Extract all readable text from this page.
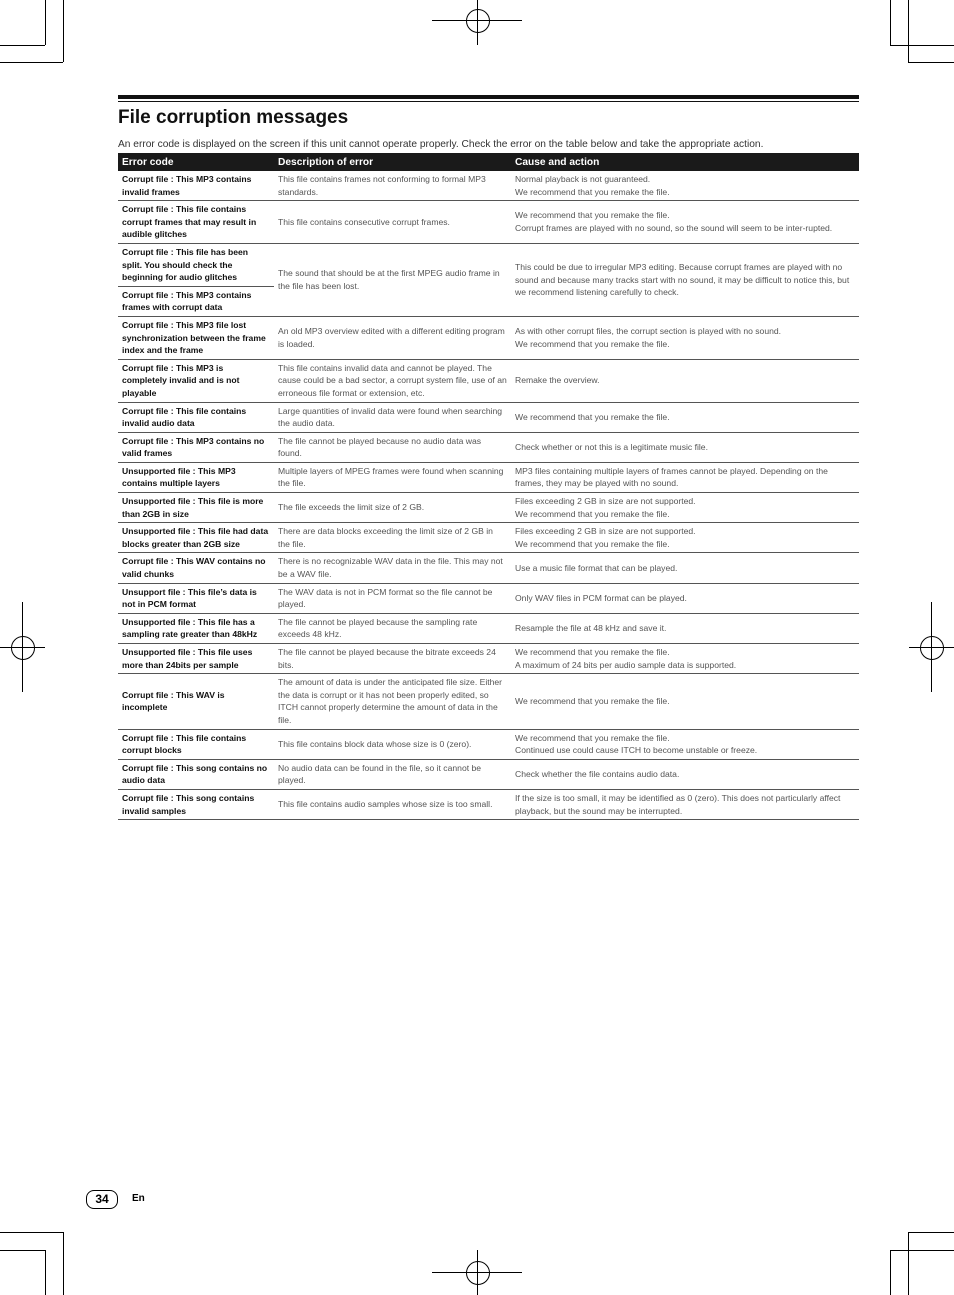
File corruption messages

An error code is displayed on the screen if this unit cannot operate properly. Check the error on the table below and take the appropriate action.

Error code	Description of error	Cause and action
Corrupt file : This MP3 contains invalid frames	This file contains frames not conforming to formal MP3 standards.	Normal playback is not guaranteed.
We recommend that you remake the file.
Corrupt file : This file contains corrupt frames that may result in audible glitches	This file contains consecutive corrupt frames.	We recommend that you remake the file.
Corrupt frames are played with no sound, so the sound will seem to be inter-rupted.
Corrupt file : This file has been split. You should check the beginning for audio glitches	The sound that should be at the first MPEG audio frame in the file has been lost.	This could be due to irregular MP3 editing. Because corrupt frames are played with no sound and because many tracks start with no sound, it may be difficult to notice this, but we recommend listening carefully to check.
Corrupt file : This MP3 contains frames with corrupt data		
Corrupt file : This MP3 file lost synchronization between the frame index and the frame	An old MP3 overview edited with a different editing program is loaded.	As with other corrupt files, the corrupt section is played with no sound.
We recommend that you remake the file.
Corrupt file : This MP3 is completely invalid and is not playable	This file contains invalid data and cannot be played. The cause could be a bad sector, a corrupt system file, use of an erroneous file format or extension, etc.	Remake the overview.
Corrupt file : This file contains invalid audio data	Large quantities of invalid data were found when searching the audio data.	We recommend that you remake the file.
Corrupt file : This MP3 contains no valid frames	The file cannot be played because no audio data was found.	Check whether or not this is a legitimate music file.
Unsupported file : This MP3 contains multiple layers	Multiple layers of MPEG frames were found when scanning the file.	MP3 files containing multiple layers of frames cannot be played. Depending on the frames, they may be played with no sound.
Unsupported file : This file is more than 2GB in size	The file exceeds the limit size of 2 GB.	Files exceeding 2 GB in size are not supported.
We recommend that you remake the file.
Unsupported file : This file had data blocks greater than 2GB size	There are data blocks exceeding the limit size of 2 GB in the file.	Files exceeding 2 GB in size are not supported.
We recommend that you remake the file.
Corrupt file : This WAV contains no valid chunks	There is no recognizable WAV data in the file. This may not be a WAV file.	Use a music file format that can be played.
Unsupport file : This file’s data is not in PCM format	The WAV data is not in PCM format so the file cannot be played.	Only WAV files in PCM format can be played.
Unsupported file : This file has a sampling rate greater than 48kHz	The file cannot be played because the sampling rate exceeds 48 kHz.	Resample the file at 48 kHz and save it.
Unsupported file : This file uses more than 24bits per sample	The file cannot be played because the bitrate exceeds 24 bits.	We recommend that you remake the file.
A maximum of 24 bits per audio sample data is supported.
Corrupt file : This WAV is incomplete	The amount of data is under the anticipated file size. Either the data is corrupt or it has not been properly edited, so ITCH cannot properly determine the amount of data in the file.	We recommend that you remake the file.
Corrupt file : This file contains corrupt blocks	This file contains block data whose size is 0 (zero).	We recommend that you remake the file.
Continued use could cause ITCH to become unstable or freeze.
Corrupt file : This song contains no audio data	No audio data can be found in the file, so it cannot be played.	Check whether the file contains audio data.
Corrupt file : This song contains invalid samples	This file contains audio samples whose size is too small.	If the size is too small, it may be identified as 0 (zero). This does not particularly affect playback, but the sound may be interrupted.
34	En
